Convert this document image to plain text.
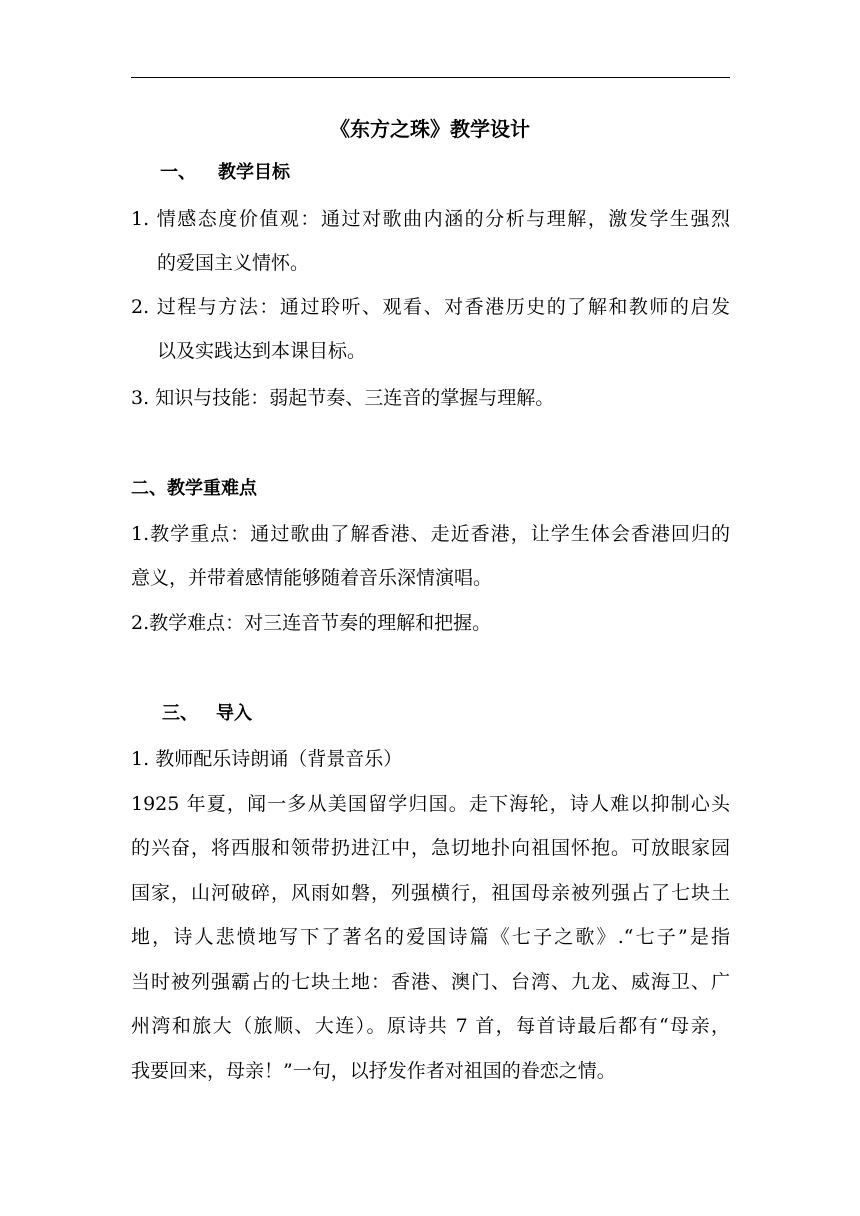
《东方之珠》教学设计
一、 教学目标
1. 情感态度价值观：通过对歌曲内涵的分析与理解，激发学生强烈
的爱国主义情怀。
2. 过程与方法：通过聆听、观看、对香港历史的了解和教师的启发
以及实践达到本课目标。
3. 知识与技能：弱起节奏、三连音的掌握与理解。
二、教学重难点
1.教学重点：通过歌曲了解香港、走近香港，让学生体会香港回归的
意义，并带着感情能够随着音乐深情演唱。
2.教学难点：对三连音节奏的理解和把握。
三、 导入
1. 教师配乐诗朗诵（背景音乐）
1925 年夏，闻一多从美国留学归国。走下海轮，诗人难以抑制心头
的兴奋，将西服和领带扔进江中，急切地扑向祖国怀抱。可放眼家园
国家，山河破碎，风雨如磐，列强横行，祖国母亲被列强占了七块土
地，诗人悲愤地写下了著名的爱国诗篇《七子之歌》.“七子”是指
当时被列强霸占的七块土地：香港、澳门、台湾、九龙、威海卫、广
州湾和旅大（旅顺、大连）。原诗共 7 首，每首诗最后都有“母亲，
我要回来，母亲！”一句，以抒发作者对祖国的眷恋之情。
